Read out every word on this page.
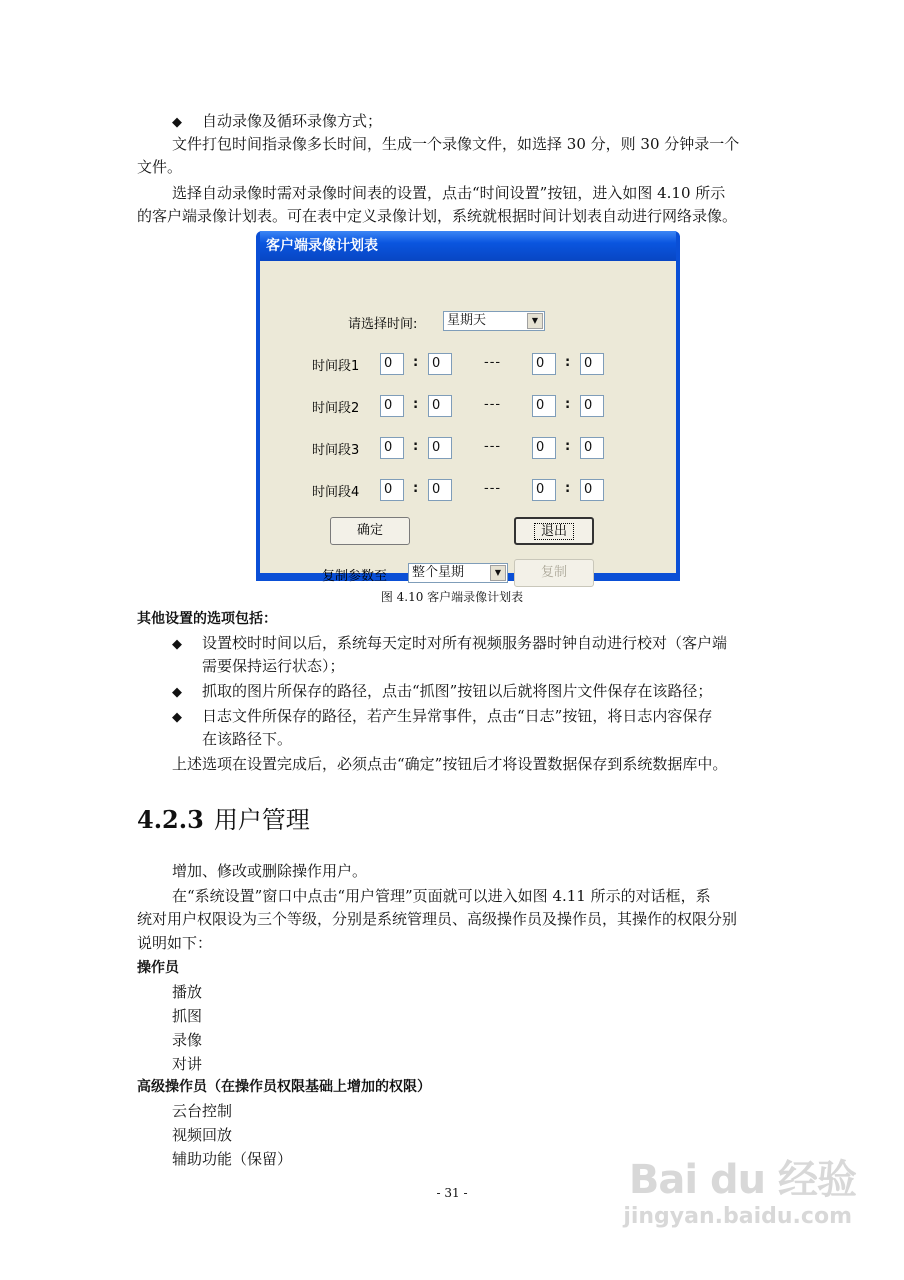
◆ 自动录像及循环录像方式；
文件打包时间指录像多长时间，生成一个录像文件，如选择 30 分，则 30 分钟录一个
文件。
选择自动录像时需对录像时间表的设置，点击“时间设置”按钮，进入如图 4.10 所示
的客户端录像计划表。可在表中定义录像计划，系统就根据时间计划表自动进行网络录像。
客户端录像计划表
请选择时间:	星期天	▼
时间段1	0	:	0	---	0	:	0
时间段2	0	:	0	---	0	:	0
时间段3	0	:	0	---	0	:	0
时间段4	0	:	0	---	0	:	0
确定	退出
复制参数至	整个星期	▼	复制
图 4.10 客户端录像计划表
其他设置的选项包括：
◆ 设置校时时间以后，系统每天定时对所有视频服务器时钟自动进行校对（客户端
需要保持运行状态）；
◆ 抓取的图片所保存的路径，点击“抓图”按钮以后就将图片文件保存在该路径；
◆ 日志文件所保存的路径，若产生异常事件，点击“日志”按钮，将日志内容保存
在该路径下。
上述选项在设置完成后，必须点击“确定”按钮后才将设置数据保存到系统数据库中。
4.2.3 用户管理
增加、修改或删除操作用户。
在“系统设置”窗口中点击“用户管理”页面就可以进入如图 4.11 所示的对话框，系
统对用户权限设为三个等级，分别是系统管理员、高级操作员及操作员，其操作的权限分别
说明如下：
操作员
播放
抓图
录像
对讲
高级操作员（在操作员权限基础上增加的权限）
云台控制
视频回放
辅助功能（保留）
- 31 -	Bai du 经验
jingyan.baidu.com
